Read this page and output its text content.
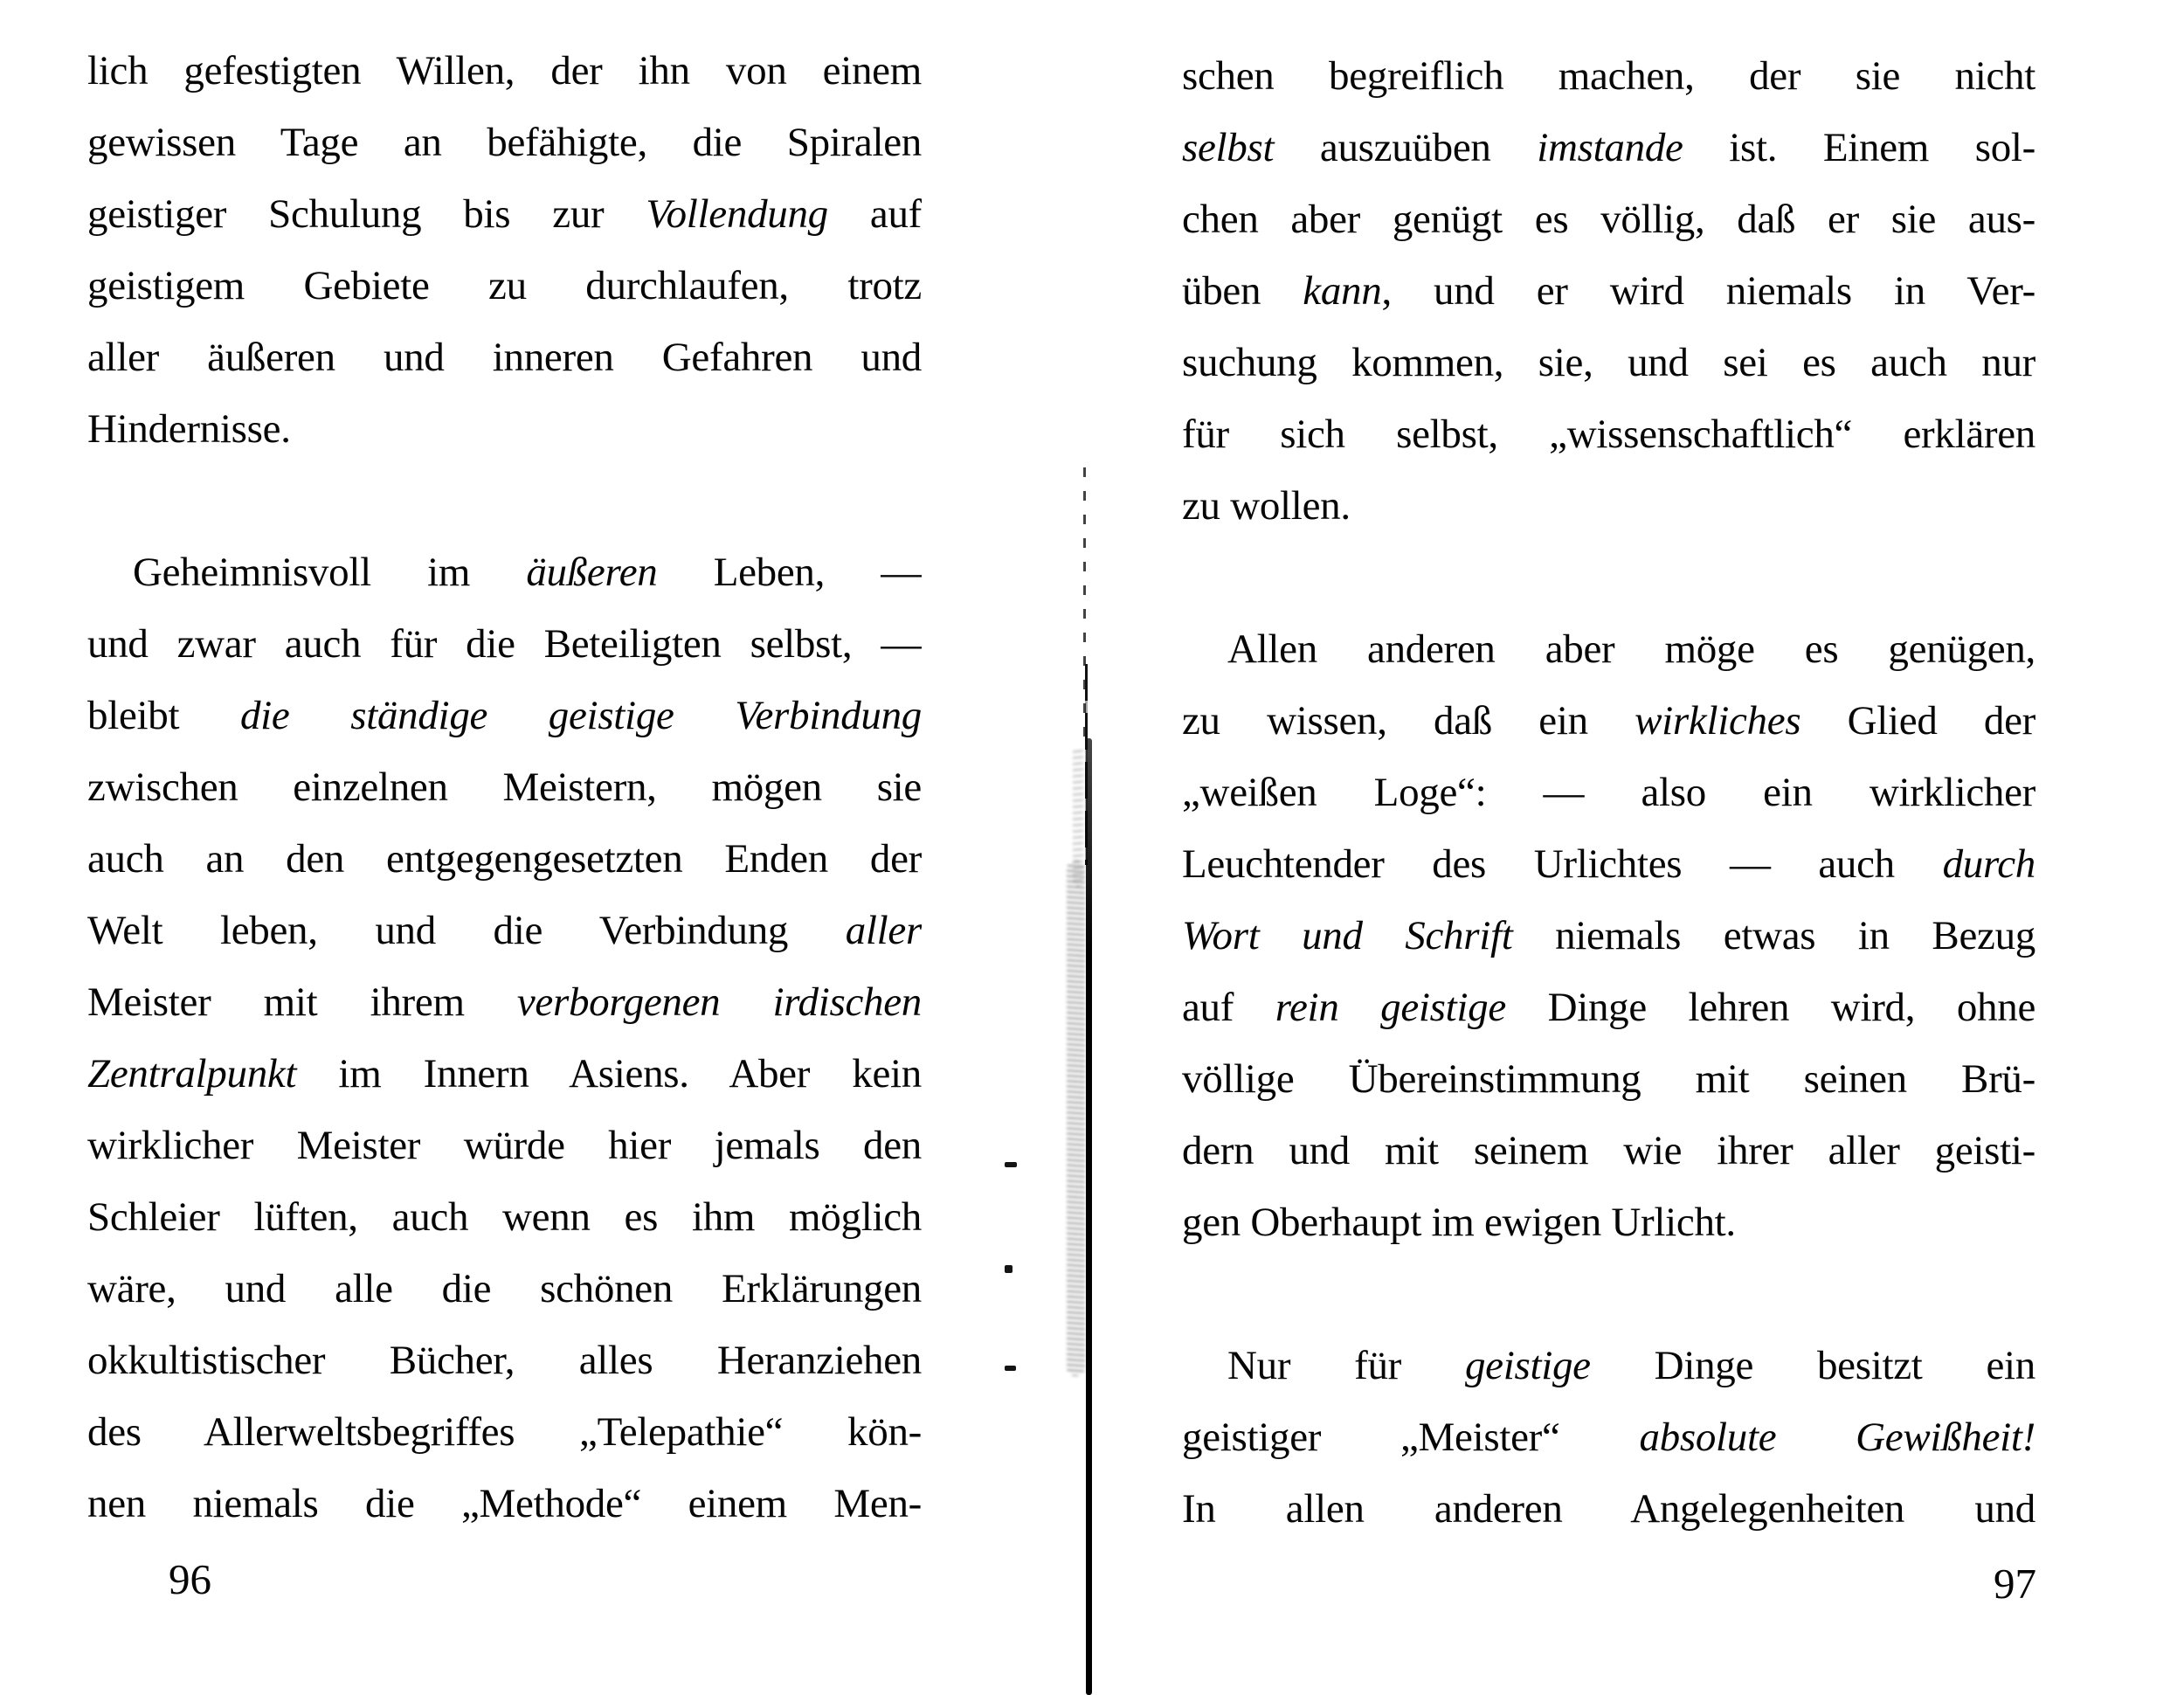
lich gefestigten Willen, der ihn von einem
gewissen Tage an befähigte, die Spiralen
geistiger Schulung bis zur Vollendung auf
geistigem Gebiete zu durchlaufen, trotz
aller äußeren und inneren Gefahren und
Hindernisse.
Geheimnisvoll im äußeren Leben, —
und zwar auch für die Beteiligten selbst, —
bleibt die ständige geistige Verbindung
zwischen einzelnen Meistern, mögen sie
auch an den entgegengesetzten Enden der
Welt leben, und die Verbindung aller
Meister mit ihrem verborgenen irdischen
Zentralpunkt im Innern Asiens. Aber kein
wirklicher Meister würde hier jemals den
Schleier lüften, auch wenn es ihm möglich
wäre, und alle die schönen Erklärungen
okkultistischer Bücher, alles Heranziehen
des Allerweltsbegriffes „Telepathie“ kön-
nen niemals die „Methode“ einem Men-
schen begreiflich machen, der sie nicht
selbst auszuüben imstande ist. Einem sol-
chen aber genügt es völlig, daß er sie aus-
üben kann, und er wird niemals in Ver-
suchung kommen, sie, und sei es auch nur
für sich selbst, „wissenschaftlich“ erklären
zu wollen.
Allen anderen aber möge es genügen,
zu wissen, daß ein wirkliches Glied der
„weißen Loge“: — also ein wirklicher
Leuchtender des Urlichtes — auch durch
Wort und Schrift niemals etwas in Bezug
auf rein geistige Dinge lehren wird, ohne
völlige Übereinstimmung mit seinen Brü-
dern und mit seinem wie ihrer aller geisti-
gen Oberhaupt im ewigen Urlicht.
Nur für geistige Dinge besitzt ein
geistiger „Meister“ absolute Gewißheit!
In allen anderen Angelegenheiten und
96	97
